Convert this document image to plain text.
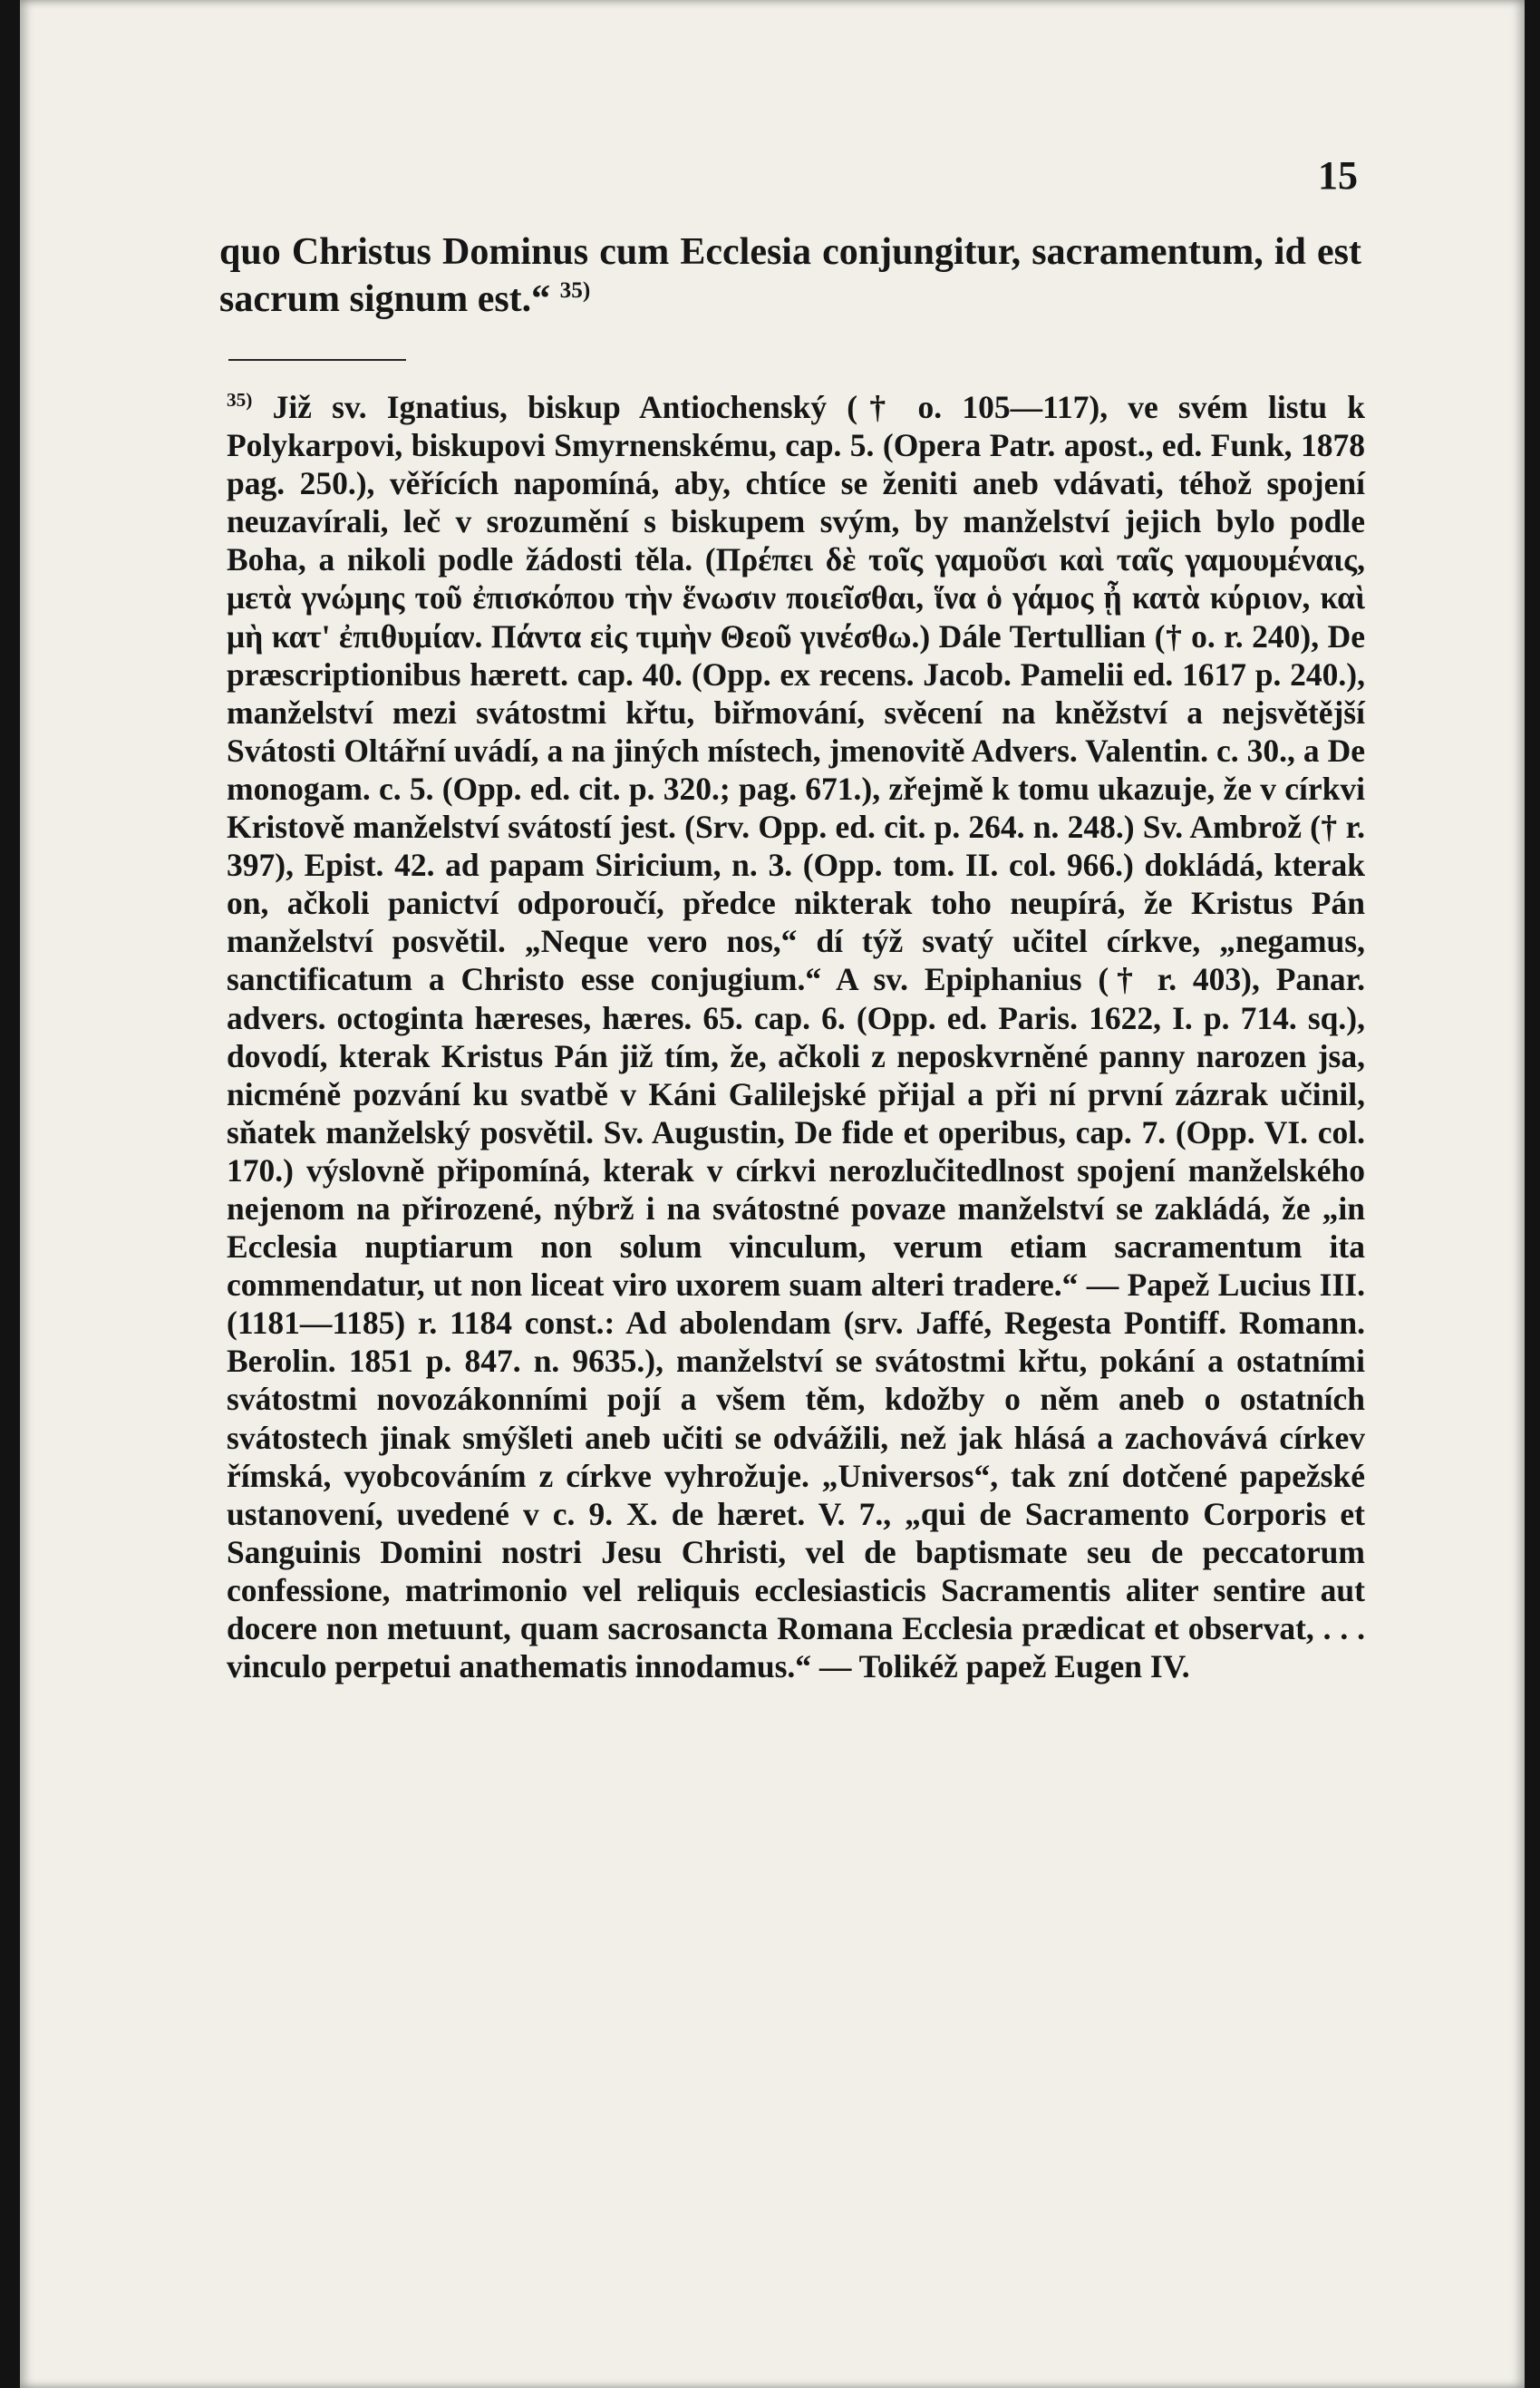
15
quo Christus Dominus cum Ecclesia conjungitur, sacramentum, id est sacrum signum est.“ $^{35)}$

$^{35)}$ Již sv. Ignatius, biskup Antiochenský († o. 105—117), ve svém listu k Polykarpovi, biskupovi Smyrnenskému, cap. 5. (Opera Patr. apost., ed. Funk, 1878 pag. 250.), věřících napomíná, aby, chtíce se ženiti aneb vdávati, téhož spojení neuzavírali, leč v srozumění s biskupem svým, by manželství jejich bylo podle Boha, a nikoli podle žádosti těla. (Πρέπει δὲ τοῖς γαμοῦσι καὶ ταῖς γαμουμέναις, μετὰ γνώμης τοῦ ἐπισκόπου τὴν ἕνωσιν ποιεῖσθαι, ἵνα ὁ γάμος ᾖ κατὰ κύριον, καὶ μὴ κατ' ἐπιθυμίαν. Πάντα εἰς τιμὴν Θεοῦ γινέσθω.) Dále Tertullian († o. r. 240), De præscriptionibus hærett. cap. 40. (Opp. ex recens. Jacob. Pamelii ed. 1617 p. 240.), manželství mezi svátostmi křtu, biřmování, svěcení na kněžství a nejsvětější Svátosti Oltářní uvádí, a na jiných místech, jmenovitě Advers. Valentin. c. 30., a De monogam. c. 5. (Opp. ed. cit. p. 320.; pag. 671.), zřejmě k tomu ukazuje, že v církvi Kristově manželství svátostí jest. (Srv. Opp. ed. cit. p. 264. n. 248.) Sv. Ambrož († r. 397), Epist. 42. ad papam Siricium, n. 3. (Opp. tom. II. col. 966.) dokládá, kterak on, ačkoli panictví odporoučí, předce nikterak toho neupírá, že Kristus Pán manželství posvětil. „Neque vero nos,“ dí týž svatý učitel církve, „negamus, sanctificatum a Christo esse conjugium.“ A sv. Epiphanius († r. 403), Panar. advers. octoginta hæreses, hæres. 65. cap. 6. (Opp. ed. Paris. 1622, I. p. 714. sq.), dovodí, kterak Kristus Pán již tím, že, ačkoli z neposkvrněné panny narozen jsa, nicméně pozvání ku svatbě v Káni Galilejské přijal a při ní první zázrak učinil, sňatek manželský posvětil. Sv. Augustin, De fide et operibus, cap. 7. (Opp. VI. col. 170.) výslovně připomíná, kterak v církvi nerozlučitedlnost spojení manželského nejenom na přirozené, nýbrž i na svátostné povaze manželství se zakládá, že „in Ecclesia nuptiarum non solum vinculum, verum etiam sacramentum ita commendatur, ut non liceat viro uxorem suam alteri tradere.“ — Papež Lucius III. (1181—1185) r. 1184 const.: Ad abolendam (srv. Jaffé, Regesta Pontiff. Romann. Berolin. 1851 p. 847. n. 9635.), manželství se svátostmi křtu, pokání a ostatními svátostmi novozákonními pojí a všem těm, kdožby o něm aneb o ostatních svátostech jinak smýšleti aneb učiti se odvážili, než jak hlásá a zachovává církev římská, vyobcováním z církve vyhrožuje. „Universos“, tak zní dotčené papežské ustanovení, uvedené v c. 9. X. de hæret. V. 7., „qui de Sacramento Corporis et Sanguinis Domini nostri Jesu Christi, vel de baptismate seu de peccatorum confessione, matrimonio vel reliquis ecclesiasticis Sacramentis aliter sentire aut docere non metuunt, quam sacrosancta Romana Ecclesia prædicat et observat, . . . vinculo perpetui anathematis innodamus.“ — Tolikéž papež Eugen IV.
